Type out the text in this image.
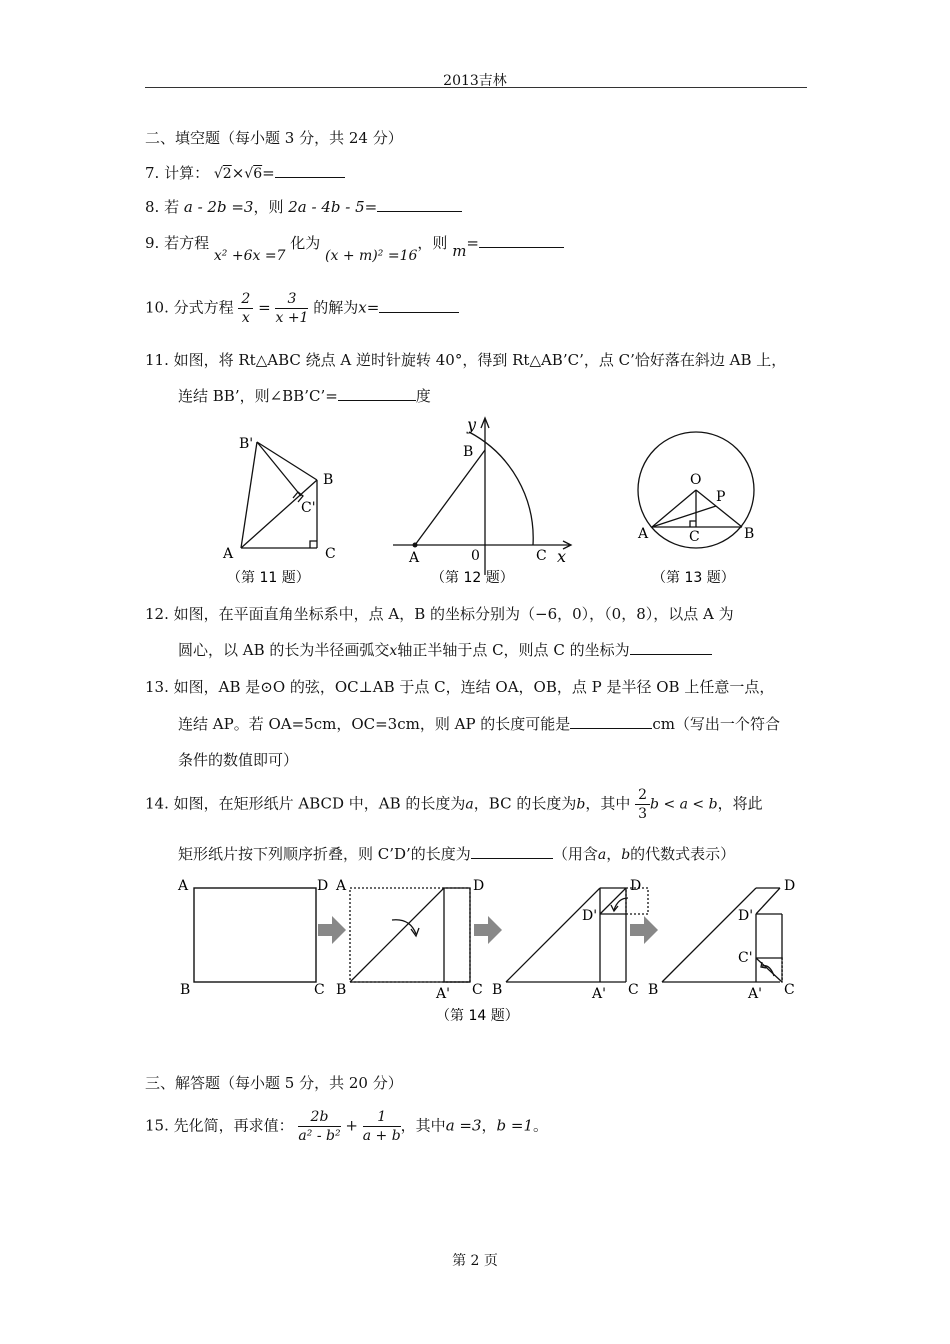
2013吉林
二、填空题（每小题 3 分，共 24 分）
7. 计算： √2×√6=
8. 若 a - 2b =3，则 2a - 4b - 5=
9. 若方程 x² +6x =7 化为 (x + m)² =16，则 m=
10. 分式方程 $\frac{2}{x} = \frac{3}{x +1}$ 的解为x=
11. 如图，将 Rt△ABC 绕点 A 逆时针旋转 40°，得到 Rt△AB’C’，点 C’恰好落在斜边 AB 上，
连结 BB’，则∠BB’C’=	度
B'
B
C'
A	C
（第 11 题）
y
B
A	0	C x
（第 12 题）
O
P
A	C	B
（第 13 题）
12. 如图，在平面直角坐标系中，点 A，B 的坐标分别为（−6，0），（0，8），以点 A 为
圆心，以 AB 的长为半径画弧交x轴正半轴于点 C，则点 C 的坐标为
13. 如图，AB 是⊙O 的弦，OC⊥AB 于点 C，连结 OA，OB，点 P 是半径 OB 上任意一点，
连结 AP。若 OA=5cm，OC=3cm，则 AP 的长度可能是	cm（写出一个符合
条件的数值即可）
14. 如图，在矩形纸片 ABCD 中，AB 的长度为a，BC 的长度为b，其中 $\frac{2}{3}$ b < a < b，将此
矩形纸片按下列顺序折叠，则 C’D’的长度为	（用含a，b的代数式表示）
A	D
B	C
A	D
B	A' C
D
D'
B	A' C
D
D'
C'
B	A' C
（第 14 题）
三、解答题（每小题 5 分，共 20 分）
15. 先化简，再求值： $\frac{2b}{\text{a² - b²}} + \frac{1}{a + b}$ ，其中a =3，b =1。
第 2 页
